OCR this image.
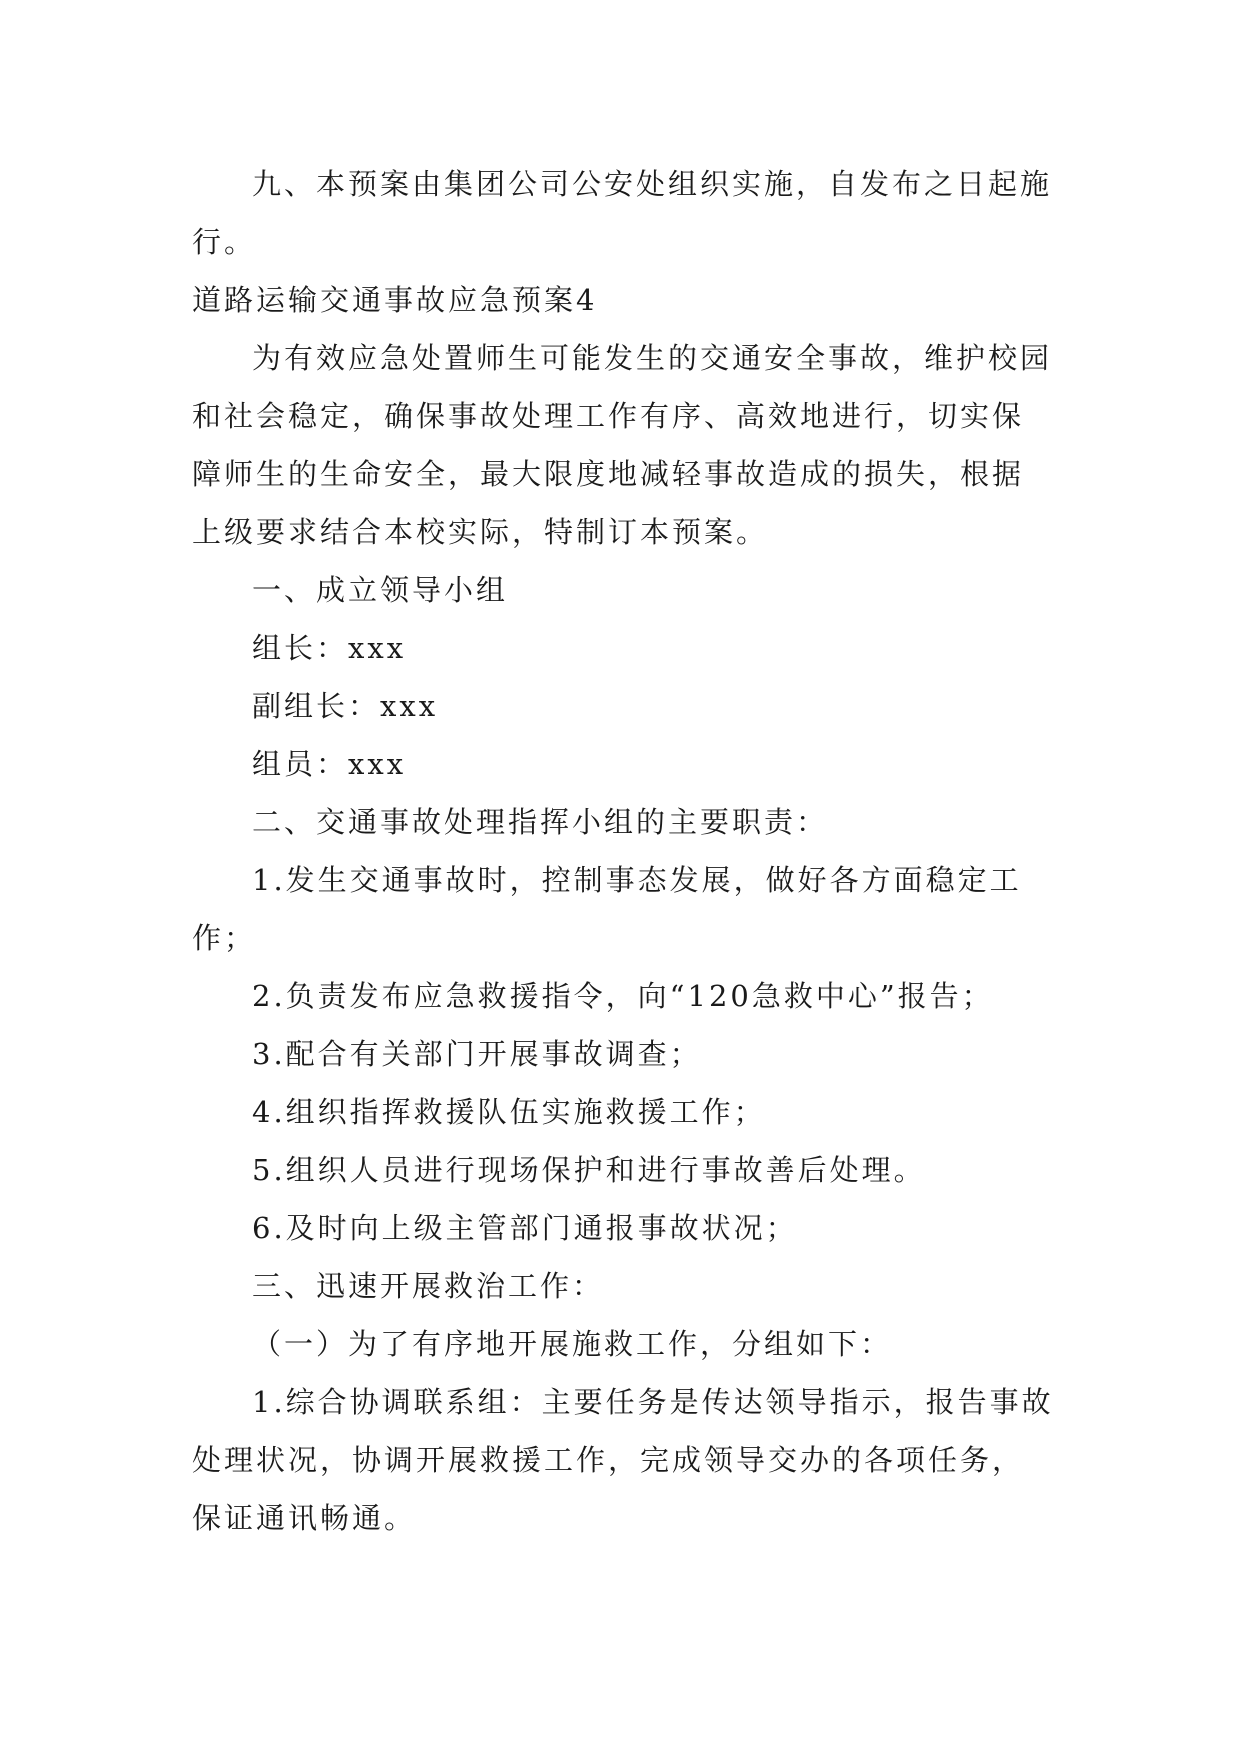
九、本预案由集团公司公安处组织实施，自发布之日起施行。

道路运输交通事故应急预案4

为有效应急处置师生可能发生的交通安全事故，维护校园和社会稳定，确保事故处理工作有序、高效地进行，切实保障师生的生命安全，最大限度地减轻事故造成的损失，根据上级要求结合本校实际，特制订本预案。

一、成立领导小组

组长：xxx

副组长：xxx

组员：xxx

二、交通事故处理指挥小组的主要职责：

1.发生交通事故时，控制事态发展，做好各方面稳定工作；

2.负责发布应急救援指令，向“120急救中心”报告；

3.配合有关部门开展事故调查；

4.组织指挥救援队伍实施救援工作；

5.组织人员进行现场保护和进行事故善后处理。

6.及时向上级主管部门通报事故状况；

三、迅速开展救治工作：

（一）为了有序地开展施救工作，分组如下：

1.综合协调联系组：主要任务是传达领导指示，报告事故处理状况，协调开展救援工作，完成领导交办的各项任务，保证通讯畅通。
